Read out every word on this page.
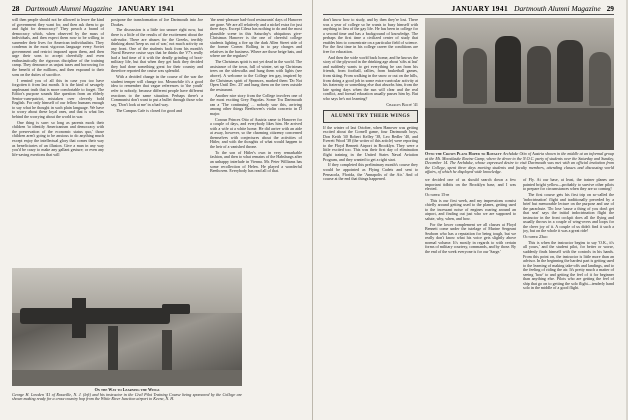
28 Dartmouth Alumni Magazine JANUARY 1941

will then people should not be allowed to leave the kind of government they want for, and then ask them to go and fight for democracy? They preach a brand of democracy which, when observed by the mass of individuals, and then expect them now to be willing to surrender their lives for American individualists. They condemn in the most vigorous language every Soviet government and restrict imposed upon them, and then urge their sons to accept cheerfully and even enthusiastically the rigorous discipline of the training camp. They denounce as unjust taxes and borrowing for the benefit of the millions, and then expound to their sons on the duties of sacrifice.

I remind you of all this in case you too have forgotten it from last month. It is the kind of savagely unpleasant truth that is more comfortable to forget. The Editor's purpose sounds like question from an elderly Senior-cum-patriot, mistaken over cleverly bold English. For only himself of our fellow humans enough to say what he thought in such plain language. We have to worry about these loyal ones, and that is what lies behind the worrying about the world in war.

One thing is sure: so long as parents mock their children 'to identify Americanism and democracy with the preservation of the economic status quo,' those children aren't going to be anxious to do anything much except enjoy the intellectual glory that comes their way as beneficiaries of an illusion. Give a man in any way you'd be crazy to make any gallant gesture; or even any life-saving exertions that will

postpone the transformation of Joe Dartmouth into Joe Doakes.

The discussion is a little too unsure right now, but there is a little of the results of the excitement about the sub-rudor. There are abuses for the Greeks, terribly thinking about 'keep us out of war,' not much activity on any front. One of the students back from his month's Naval Reserve cruise says that he thinks the V7's really had a bad time of it with the deadly grinding of boot-military life, but that when they get back they decided they had done something great for their country and therefore reported the cruise was splendid.

With a decided change in the course of the war the student temper will change too. Meanwhile it's a good idea to remember that vague references to 'the youth' refer to nobody, because different people have different reactions to the same situation. Perhaps there's a Communist don't want to put a bullet through those who say, 'Don't look at me' in a bad way.

The Campus Cafe is closed for good and

'the semi-pleasure bad-food restaurants' days of Hanover are gone. We are all relatively and a nickel extra for just three days. Except Cilesa has nothing to do and the most plausible scene in this Saturday's ubiquitous give-Christmas Hanover is the one of cheerful college students lighting a fire up the dark Allen Street side of the former Corner. Rolling in to pay charges and relatives in the business. Where are those beige bats, and where are the regulars?

The Christmas spirit is not yet dead in the world. The assistance of the town, full of winter, set up Christmas trees on the sidewalks and hung them with lights (see above). A welcome to the College ten gay, inspired by the Christmas spirit of Sponsors, marked them 'Do Not Open Until Dec. 25' and hung them on the trees outside the restaurant.

Another nice story from the College involves one of the most exciting Grey Pagodas. Some Tru Dartmouth ran a 'The continuing' ... nobody saw this, arriving among other things Beethoven's violin concerto in D major.

Coroun Princes Otto of Austria came to Hanover for a couple of days, and everybody likes him. He arrived with a wife at a white home. He did arrive with an aide at away, however, so the charming citizenry concerned themselves with conjectures about the activities of Hitler, and with the thoughts of what would happen to the heir of a vanished throne.

To the son of Hitler's own in very remarkable fashion, and then to what remains of the Habsburgs after an unhappy interlude in Vienna. Mr. Peter Williams has some recollection of Helen. He played a wonderful Beethoven. Everybody has read all of that.

On the Way to Learning the Wings
George H. Lowden '41 of Rossville, N. J. (left) and his instructor in the Civil Pilot Training Course being sponsored by the College are shown making ready for a cross-country hop from the White River Junction airport to Keene, N. H.
JANUARY 1941 Dartmouth Alumni Magazine 29

don't know how to study, and by then they're lost. There was a year of college so he wants to busy himself with anything in lieu of the gay life. He has been in college for a second time and has a background of knowledge. The perhaps the first time a civilized center of study that enables him to concentrate on a particular field of science. For the first time in his college career the conditions are free for education.

And then the wide world back home, and he knows the story of the plywood in the drinking age about 'sifts at last' and suddenly wants to get everything he can from his friends, from football, rallies, from basketball games, from skiing. From walking in the snow or out on the hills, from doing a good job in some extra-curricular activity at his fraternity or something else that absorbs him, from the late spring days when the sun will clear and the real conflict, and formal education usually passes him by. But who says he's not learning?

Charles Bolté '41
ALUMNI TRY THEIR WINGS

If the winter of last October, when Hanover was getting excited about the Cornell game, four Dartmouth boys, Don Keith '40 Robert Kelley '38, Leo Bedler '40, and Everett Wood '38 (the writer of this article) were reporting to the Floyd Bennett Airport in Brooklyn. They were a little excited too. This was their first day of elimination flight training in the United States Naval Aviation Program, and they wanted to get a right start.

If they completed this preliminary month's course they would be appointed as Flying Cadets and sent to Pensacola, Florida, the 'Annapolis of the Air.' And of course at the end that things happened.

Otto the Crown Plans Hoped to Royalty Archduke Otto of Austria shown in the middle at an informal group at the Mt. Moosilauke Ravine Camp, where he drove to the N.O.C. party of students over the Saturday and Sunday, December 14. The Archduke, whose expressed desire to visit Dartmouth was met with an official invitation from the College, spent three days meeting students and faculty members, attending classes and discussing world affairs, of which he displayed wide knowledge.

we decided one of us should search down a few important tidbits on the Brooklyn base, and I was elected.

October 15th

This is our first week, and my impressions consist chiefly around getting used to the planes, getting used to the incessant noise of engines roaring around an airport, and finding out just who we are supposed to salute, why, when, and how.

For the lower complement we all classes at Floyd Bennett come under the tutelage of Marine Sergeant Seaborn who has a reputation for being tough, but we really don't know what his voice gets slightly above normal volume. It's mostly in regards to with certain forms of military courtesy, commands, and by those. By the end of the week everyone is for our 'Sarge.'

of Fly. At our base, at least, the trainer planes are painted bright yellow—probably to survive other pilots to prepare for circumstances when they are so coming!

The first course gets his first trip on so-called the 'indoctrination' flight and traditionally preceded by a brief but memorable lecture on the purpose and use of the parachute. 'Do lose 'cause a thing of you don't get that seat' says the initial indoctrination flight the instructor in the front cockpit does all the flying and usually throws in a couple of wing-overs and loops for the cheer joy of it. A couple of us didn't find it such a joy, but on the whole it was a great ride!

October 23rd

This is when the instructor begins to say 'O.K., it's all yours,' and the student pilot, for better or worse, suddenly finds himself with the controls in his hands. From this point on, the instructor is little more than an advisor. In the beginning the hardest part is getting used to the learning of making take-offs and landings, and to the feeling of riding the air. It's pretty much a matter of seeing 'how' to and getting the feel of it for beginner than anything else. Pilots who are getting the feel of ship that go on to getting the solo flight—tenderly hand solo in the middle of a good flight.
